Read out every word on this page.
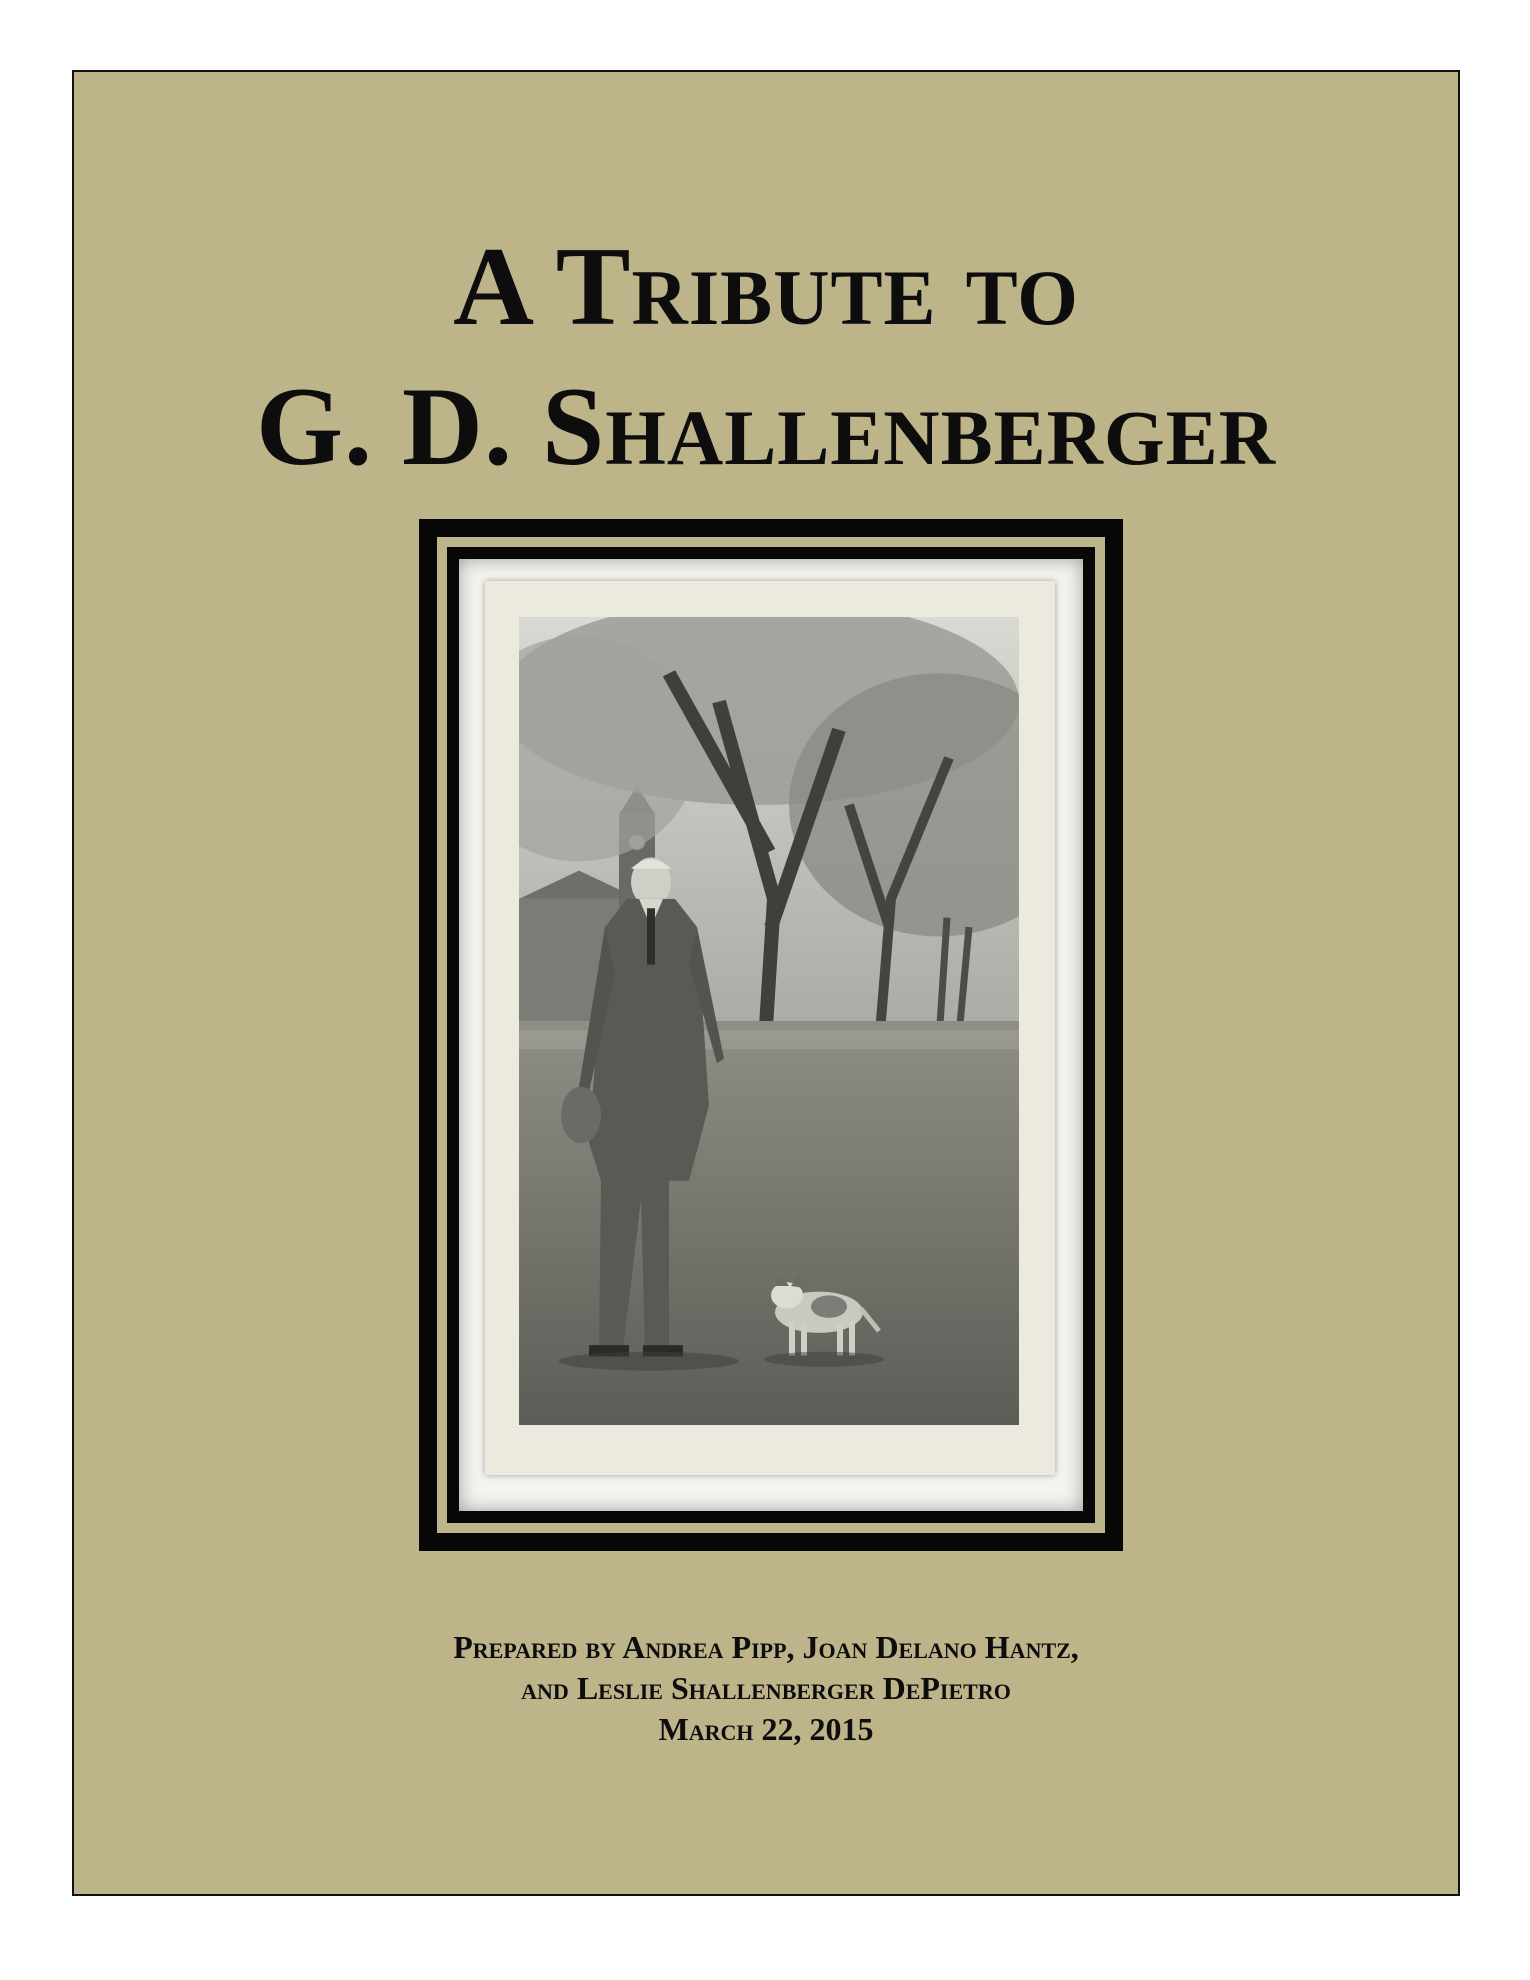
A Tribute to
G. D. Shallenberger

Prepared by Andrea Pipp, Joan Delano Hantz,

and Leslie Shallenberger DePietro

March 22, 2015
